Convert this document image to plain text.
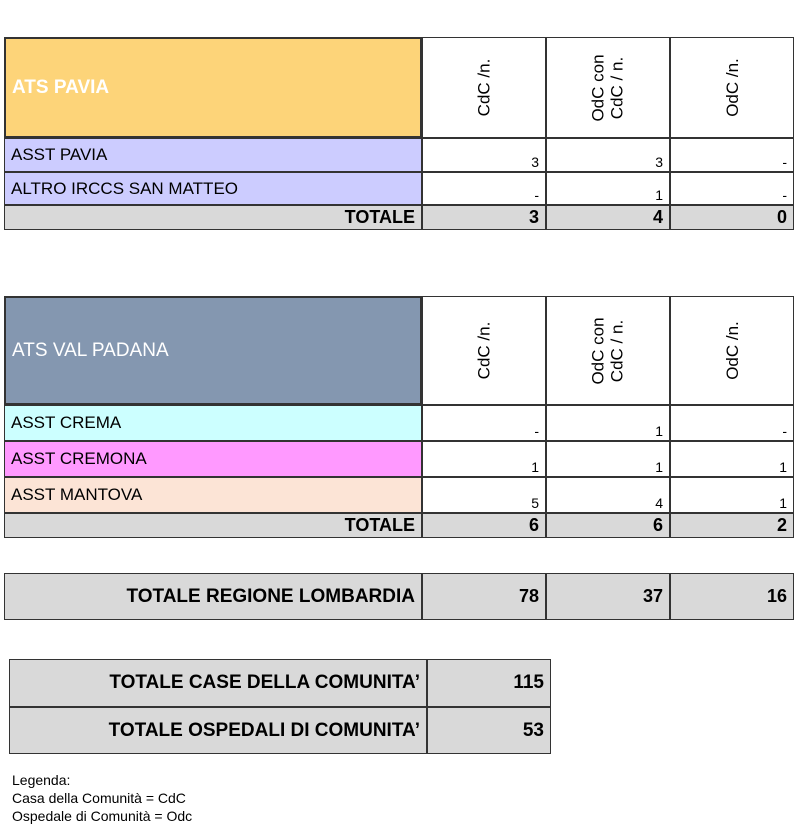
ATS PAVIA	CdC /n.	OdC con CdC / n.	OdC /n.
ASST PAVIA	3	3	-
ALTRO IRCCS SAN MATTEO	-	1	-
TOTALE	3	4	0
ATS VAL PADANA	CdC /n.	OdC con CdC / n.	OdC /n.
ASST CREMA	-	1	-
ASST CREMONA	1	1	1
ASST MANTOVA	5	4	1
TOTALE	6	6	2
TOTALE REGIONE LOMBARDIA	78	37	16
TOTALE CASE DELLA COMUNITA’	115
TOTALE OSPEDALI DI COMUNITA’	53
Legenda:
Casa della Comunità = CdC
Ospedale di Comunità = Odc
